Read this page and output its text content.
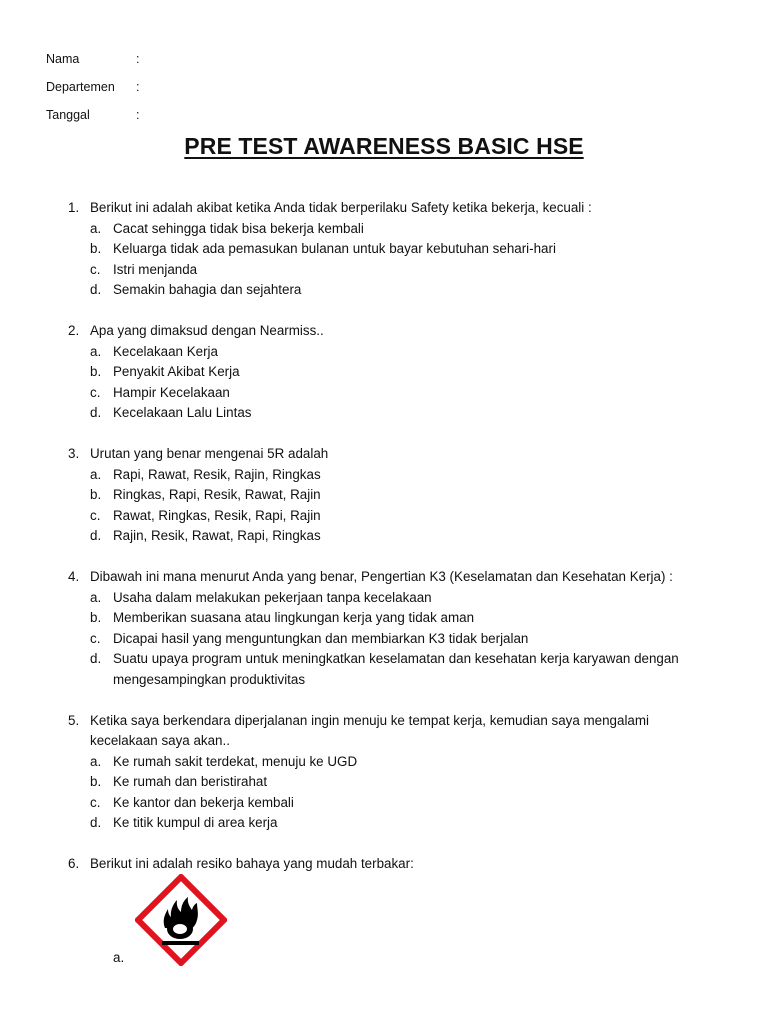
Nama	:
Departemen	:
Tanggal	:
PRE TEST AWARENESS BASIC HSE
1. Berikut ini adalah akibat ketika Anda tidak berperilaku Safety ketika bekerja, kecuali :
a. Cacat sehingga tidak bisa bekerja kembali
b. Keluarga tidak ada pemasukan bulanan untuk bayar kebutuhan sehari-hari
c. Istri menjanda
d. Semakin bahagia dan sejahtera
2. Apa yang dimaksud dengan Nearmiss..
a. Kecelakaan Kerja
b. Penyakit Akibat Kerja
c. Hampir Kecelakaan
d. Kecelakaan Lalu Lintas
3. Urutan yang benar mengenai 5R adalah
a. Rapi, Rawat, Resik, Rajin, Ringkas
b. Ringkas, Rapi, Resik, Rawat, Rajin
c. Rawat, Ringkas, Resik, Rapi, Rajin
d. Rajin, Resik, Rawat, Rapi, Ringkas
4. Dibawah ini mana menurut Anda yang benar, Pengertian K3 (Keselamatan dan Kesehatan Kerja) :
a. Usaha dalam melakukan pekerjaan tanpa kecelakaan
b. Memberikan suasana atau lingkungan kerja yang tidak aman
c. Dicapai hasil yang menguntungkan dan membiarkan K3 tidak berjalan
d. Suatu upaya program untuk meningkatkan keselamatan dan kesehatan kerja karyawan dengan mengesampingkan produktivitas
5. Ketika saya berkendara diperjalanan ingin menuju ke tempat kerja, kemudian saya mengalami kecelakaan saya akan..
a. Ke rumah sakit terdekat, menuju ke UGD
b. Ke rumah dan beristirahat
c. Ke kantor dan bekerja kembali
d. Ke titik kumpul di area kerja
6. Berikut ini adalah resiko bahaya yang mudah terbakar:
a.
